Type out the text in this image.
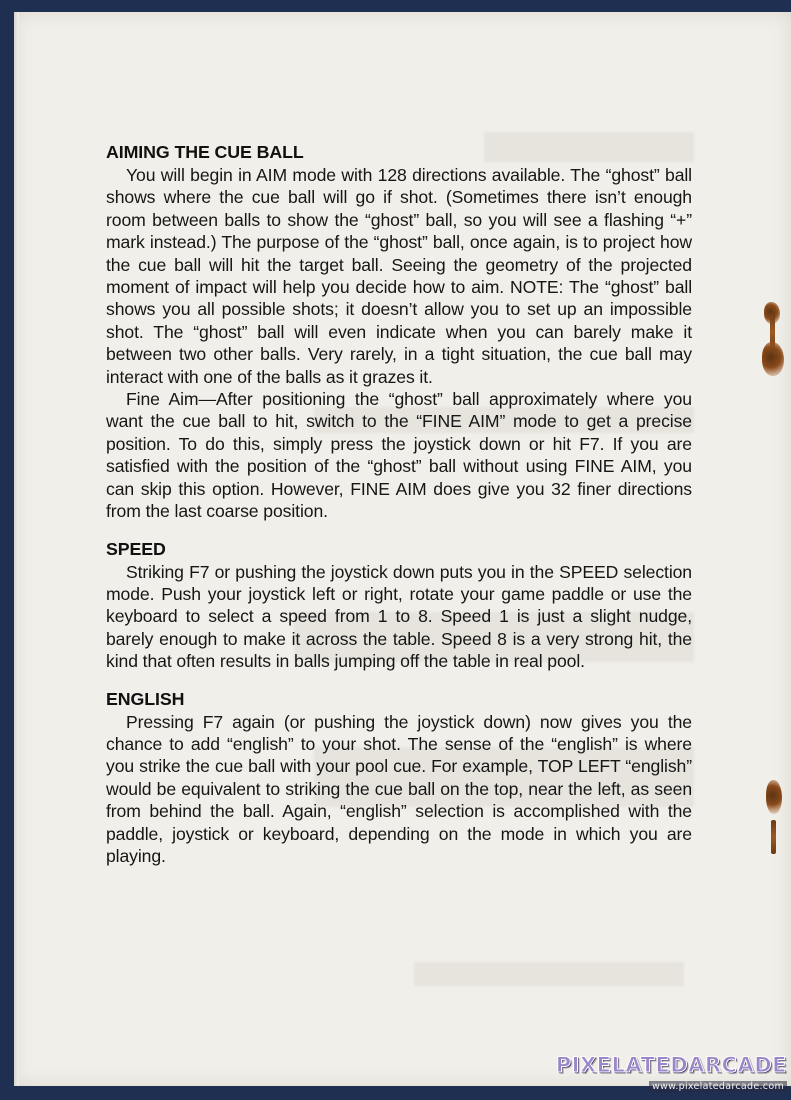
AIMING THE CUE BALL

You will begin in AIM mode with 128 directions available. The “ghost” ball shows where the cue ball will go if shot. (Sometimes there isn’t enough room between balls to show the “ghost” ball, so you will see a flashing “+” mark instead.) The purpose of the “ghost” ball, once again, is to project how the cue ball will hit the target ball. Seeing the geometry of the projected moment of impact will help you decide how to aim. NOTE: The “ghost” ball shows you all possible shots; it doesn’t allow you to set up an impossible shot. The “ghost” ball will even indicate when you can barely make it between two other balls. Very rarely, in a tight situation, the cue ball may interact with one of the balls as it grazes it.

Fine Aim—After positioning the “ghost” ball approximately where you want the cue ball to hit, switch to the “FINE AIM” mode to get a precise position. To do this, simply press the joystick down or hit F7. If you are satisfied with the position of the “ghost” ball without using FINE AIM, you can skip this option. However, FINE AIM does give you 32 finer directions from the last coarse position.

SPEED

Striking F7 or pushing the joystick down puts you in the SPEED selection mode. Push your joystick left or right, rotate your game paddle or use the keyboard to select a speed from 1 to 8. Speed 1 is just a slight nudge, barely enough to make it across the table. Speed 8 is a very strong hit, the kind that often results in balls jumping off the table in real pool.

ENGLISH

Pressing F7 again (or pushing the joystick down) now gives you the chance to add “english” to your shot. The sense of the “english” is where you strike the cue ball with your pool cue. For example, TOP LEFT “english” would be equivalent to striking the cue ball on the top, near the left, as seen from behind the ball. Again, “english” selection is accomplished with the paddle, joystick or keyboard, depending on the mode in which you are playing.

PIXELATEDARCADE
www.pixelatedarcade.com
